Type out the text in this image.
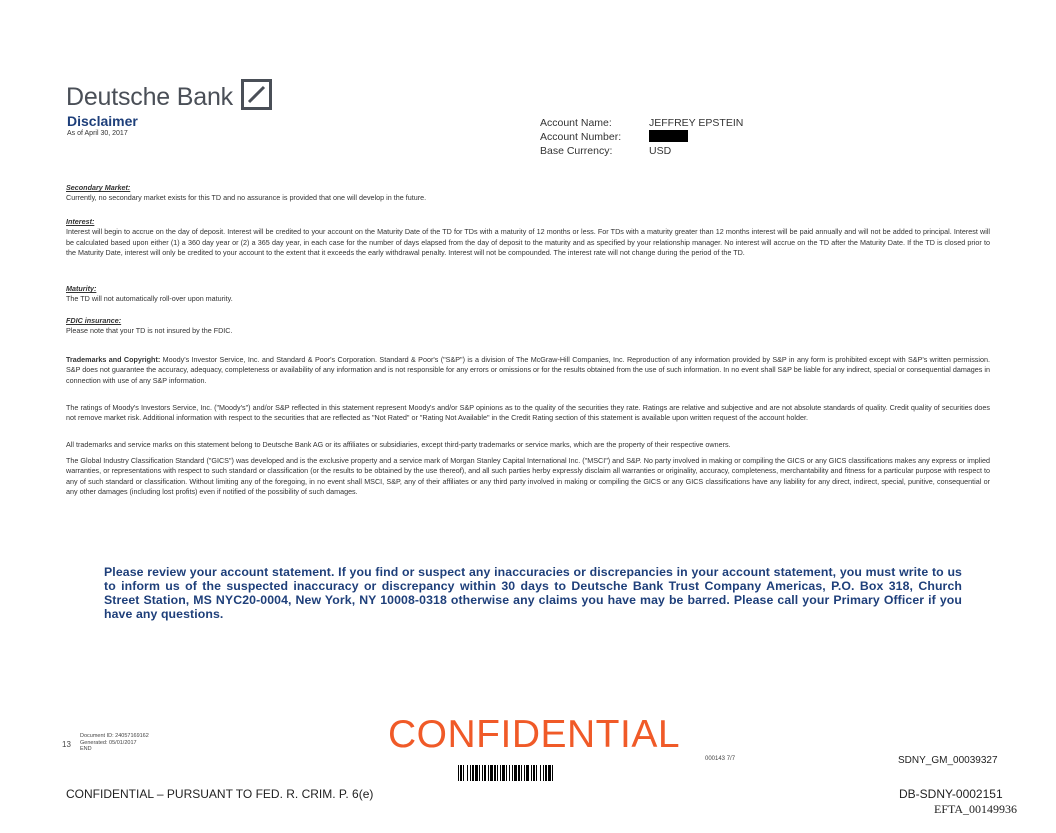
Deutsche Bank
Disclaimer
As of April 30, 2017
Account Name:	JEFFREY EPSTEIN
Account Number:
Base Currency:	USD
Secondary Market:

Currently, no secondary market exists for this TD and no assurance is provided that one will develop in the future.

Interest:

Interest will begin to accrue on the day of deposit. Interest will be credited to your account on the Maturity Date of the TD for TDs with a maturity of 12 months or less. For TDs with a maturity greater than 12 months interest will be paid annually and will not be added to principal. Interest will be calculated based upon either (1) a 360 day year or (2) a 365 day year, in each case for the number of days elapsed from the day of deposit to the maturity and as specified by your relationship manager. No interest will accrue on the TD after the Maturity Date. If the TD is closed prior to the Maturity Date, interest will only be credited to your account to the extent that it exceeds the early withdrawal penalty. Interest will not be compounded. The interest rate will not change during the period of the TD.

Maturity:

The TD will not automatically roll-over upon maturity.

FDIC insurance:

Please note that your TD is not insured by the FDIC.

Trademarks and Copyright: Moody's Investor Service, Inc. and Standard & Poor's Corporation. Standard & Poor's ("S&P") is a division of The McGraw-Hill Companies, Inc. Reproduction of any information provided by S&P in any form is prohibited except with S&P's written permission. S&P does not guarantee the accuracy, adequacy, completeness or availability of any information and is not responsible for any errors or omissions or for the results obtained from the use of such information. In no event shall S&P be liable for any indirect, special or consequential damages in connection with use of any S&P information.

The ratings of Moody's Investors Service, Inc. ("Moody's") and/or S&P reflected in this statement represent Moody's and/or S&P opinions as to the quality of the securities they rate. Ratings are relative and subjective and are not absolute standards of quality. Credit quality of securities does not remove market risk. Additional information with respect to the securities that are reflected as "Not Rated" or "Rating Not Available" in the Credit Rating section of this statement is available upon written request of the account holder.

All trademarks and service marks on this statement belong to Deutsche Bank AG or its affiliates or subsidiaries, except third-party trademarks or service marks, which are the property of their respective owners.

The Global Industry Classification Standard ("GICS") was developed and is the exclusive property and a service mark of Morgan Stanley Capital International Inc. ("MSCI") and S&P. No party involved in making or compiling the GICS or any GICS classifications makes any express or implied warranties, or representations with respect to such standard or classification (or the results to be obtained by the use thereof), and all such parties herby expressly disclaim all warranties or originality, accuracy, completeness, merchantability and fitness for a particular purpose with respect to any of such standard or classification. Without limiting any of the foregoing, in no event shall MSCI, S&P, any of their affiliates or any third party involved in making or compiling the GICS or any GICS classifications have any liability for any direct, indirect, special, punitive, consequential or any other damages (including lost profits) even if notified of the possibility of such damages.

Please review your account statement. If you find or suspect any inaccuracies or discrepancies in your account statement, you must write to us to inform us of the suspected inaccuracy or discrepancy within 30 days to Deutsche Bank Trust Company Americas, P.O. Box 318, Church Street Station, MS NYC20-0004, New York, NY 10008-0318 otherwise any claims you have may be barred. Please call your Primary Officer if you have any questions.
13
Document ID: 24057169162
Generated: 05/01/2017
END	CONFIDENTIAL
000143 7/7	SDNY_GM_00039327
CONFIDENTIAL – PURSUANT TO FED. R. CRIM. P. 6(e)	DB-SDNY-0002151
EFTA_00149936
